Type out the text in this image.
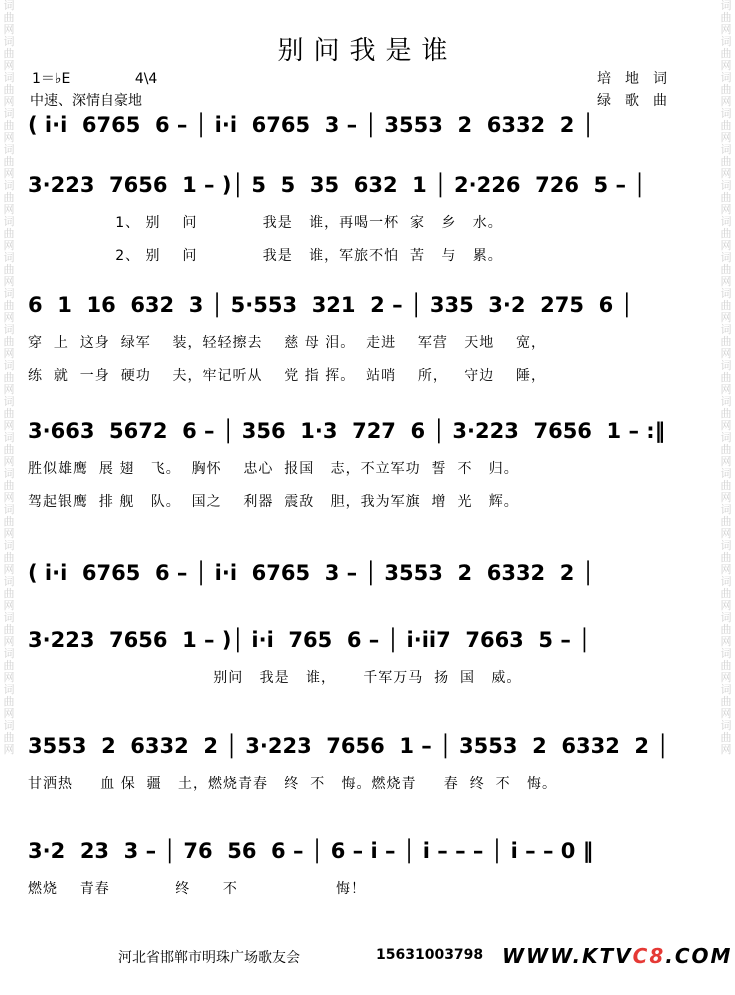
词曲网词曲网词曲网词曲网词曲网词曲网词曲网词曲网词曲网词曲网词曲网词曲网词曲网词曲网词曲网词曲网词曲网词曲网词曲网词曲网词曲网
词曲网词曲网词曲网词曲网词曲网词曲网词曲网词曲网词曲网词曲网词曲网词曲网词曲网词曲网词曲网词曲网词曲网词曲网词曲网词曲网词曲网
别问我是谁
1＝♭E	4\4
中速、深情自豪地
培地词
绿歌曲
( i·i  6765  6 – │ i·i  6765  3 – │ 3553  2  6332  2 │
3·223  7656  1 – )│ 5  5  35  632  1 │ 2·226  726  5 – │
1、 别    问            我是   谁，再喝一杯  家   乡   水。
2、 别    问            我是   谁，军旅不怕  苦   与   累。
6  1  16  632  3 │ 5·553  321  2 – │ 335  3·2  275  6 │
穿  上  这身  绿军    装，轻轻擦去    慈 母 泪。  走进    军营   天地    宽，
练  就  一身  硬功    夫，牢记听从    党 指 挥。  站哨    所，   守边    陲，
3·663  5672  6 – │ 356  1·3  727  6 │ 3·223  7656  1 – :‖
胜似雄鹰  展 翅   飞。  胸怀    忠心  报国   志，不立军功  誓  不   归。
驾起银鹰  排 舰   队。  国之    利器  震敌   胆，我为军旗  增  光   辉。
( i·i  6765  6 – │ i·i  6765  3 – │ 3553  2  6332  2 │
3·223  7656  1 – )│ i·i  765  6 – │ i·ii7  7663  5 – │
别问   我是   谁，     千军万马  扬  国   威。
3553  2  6332  2 │ 3·223  7656  1 – │ 3553  2  6332  2 │
甘洒热     血 保  疆   土，燃烧青春   终  不   悔。燃烧青     春  终  不   悔。
3·2  23  3 – │ 76  56  6 – │ 6 – i – │ i – – – │ i – – 0 ‖
燃烧    青春            终      不                  悔！
河北省邯郸市明珠广场歌友会	15631003798 WWW.KTVC8.COM
